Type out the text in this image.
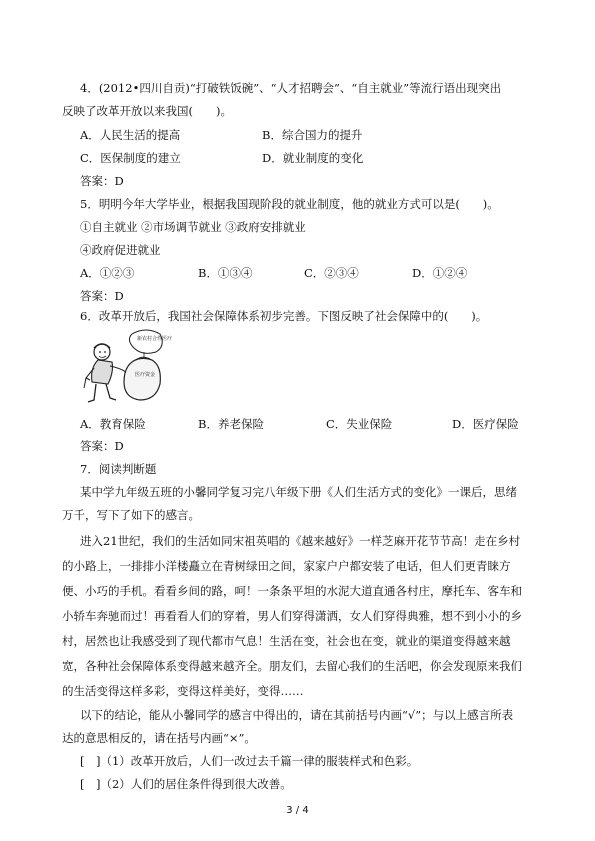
4．(2012•四川自贡)“打破铁饭碗”、“人才招聘会”、“自主就业”等流行语出现突出
反映了改革开放以来我国(　　)。
A．人民生活的提高	B．综合国力的提升
C．医保制度的建立	D．就业制度的变化
答案：D
5．明明今年大学毕业，根据我国现阶段的就业制度，他的就业方式可以是(　　)。
①自主就业 ②市场调节就业 ③政府安排就业
④政府促进就业
A．①②③	B．①③④	C．②③④	D．①②④
答案：D
6．改革开放后，我国社会保障体系初步完善。下图反映了社会保障中的(　　)。
新农村合作医疗
医疗资金
A．教育保险	B．养老保险	C．失业保险	D．医疗保险
答案：D
7．阅读判断题
某中学九年级五班的小馨同学复习完八年级下册《人们生活方式的变化》一课后，思绪
万千，写下了如下的感言。
进入21世纪，我们的生活如同宋祖英唱的《越来越好》一样芝麻开花节节高！走在乡村
的小路上，一排排小洋楼矗立在青树绿田之间，家家户户都安装了电话，但人们更青睐方
便、小巧的手机。看看乡间的路，呵！一条条平坦的水泥大道直通各村庄，摩托车、客车和
小轿车奔驰而过！再看看人们的穿着，男人们穿得潇洒，女人们穿得典雅，想不到小小的乡
村，居然也让我感受到了现代都市气息！生活在变，社会也在变，就业的渠道变得越来越
宽，各种社会保障体系变得越来越齐全。朋友们，去留心我们的生活吧，你会发现原来我们
的生活变得这样多彩，变得这样美好，变得……
以下的结论，能从小馨同学的感言中得出的，请在其前括号内画“√”；与以上感言所表
达的意思相反的，请在括号内画“×”。
[　]（1）改革开放后，人们一改过去千篇一律的服装样式和色彩。
[　]（2）人们的居住条件得到很大改善。
3 / 4
